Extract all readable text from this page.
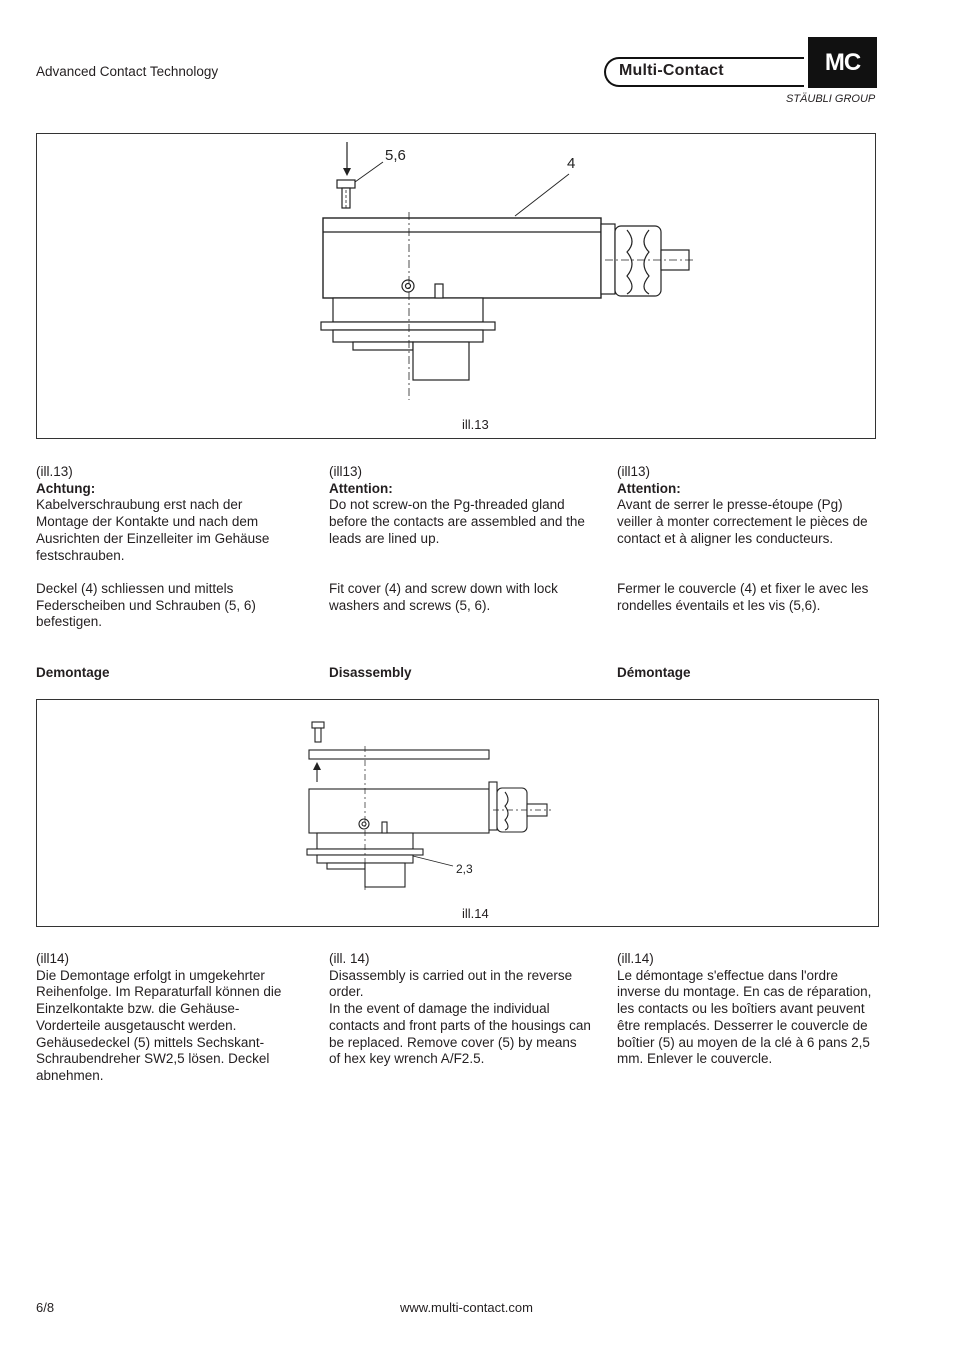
Advanced Contact Technology	Multi-Contact	MC
STÄUBLI GROUP
5,6	4
ill.13

(ill.13)

Achtung:

Kabelverschraubung erst nach der Montage der Kontakte und nach dem Ausrichten der Einzelleiter im Gehäuse festschrauben.

Deckel (4) schliessen und mittels Federscheiben und Schrauben (5, 6) befestigen.

(ill13)

Attention:

Do not screw-on the Pg-threaded gland before the contacts are assembled and the leads are lined up.

Fit cover (4) and screw down with lock washers and screws (5, 6).

(ill13)

Attention:

Avant de serrer le presse-étoupe (Pg) veiller à monter correctement le pièces de contact et à aligner les conducteurs.

Fermer le couvercle (4) et fixer le avec les rondelles éventails et les vis (5,6).

Demontage	Disassembly	Démontage
2,3
ill.14

(ill14)

Die Demontage erfolgt in umgekehrter Reihenfolge. Im Reparaturfall können die Einzelkontakte bzw. die Gehäuse-Vorderteile ausgetauscht werden. Gehäusedeckel (5) mittels Sechskant-Schraubendreher SW2,5 lösen. Deckel abnehmen.

(ill. 14)

Disassembly is carried out in the reverse order.

In the event of damage the individual contacts and front parts of the housings can be replaced. Remove cover (5) by means of hex key wrench A/F2.5.

(ill.14)

Le démontage s'effectue dans l'ordre inverse du montage. En cas de réparation, les contacts ou les boîtiers avant peuvent être remplacés. Desserrer le couvercle de boîtier (5) au moyen de la clé à 6 pans 2,5 mm. Enlever le couvercle.

6/8	www.multi-contact.com
